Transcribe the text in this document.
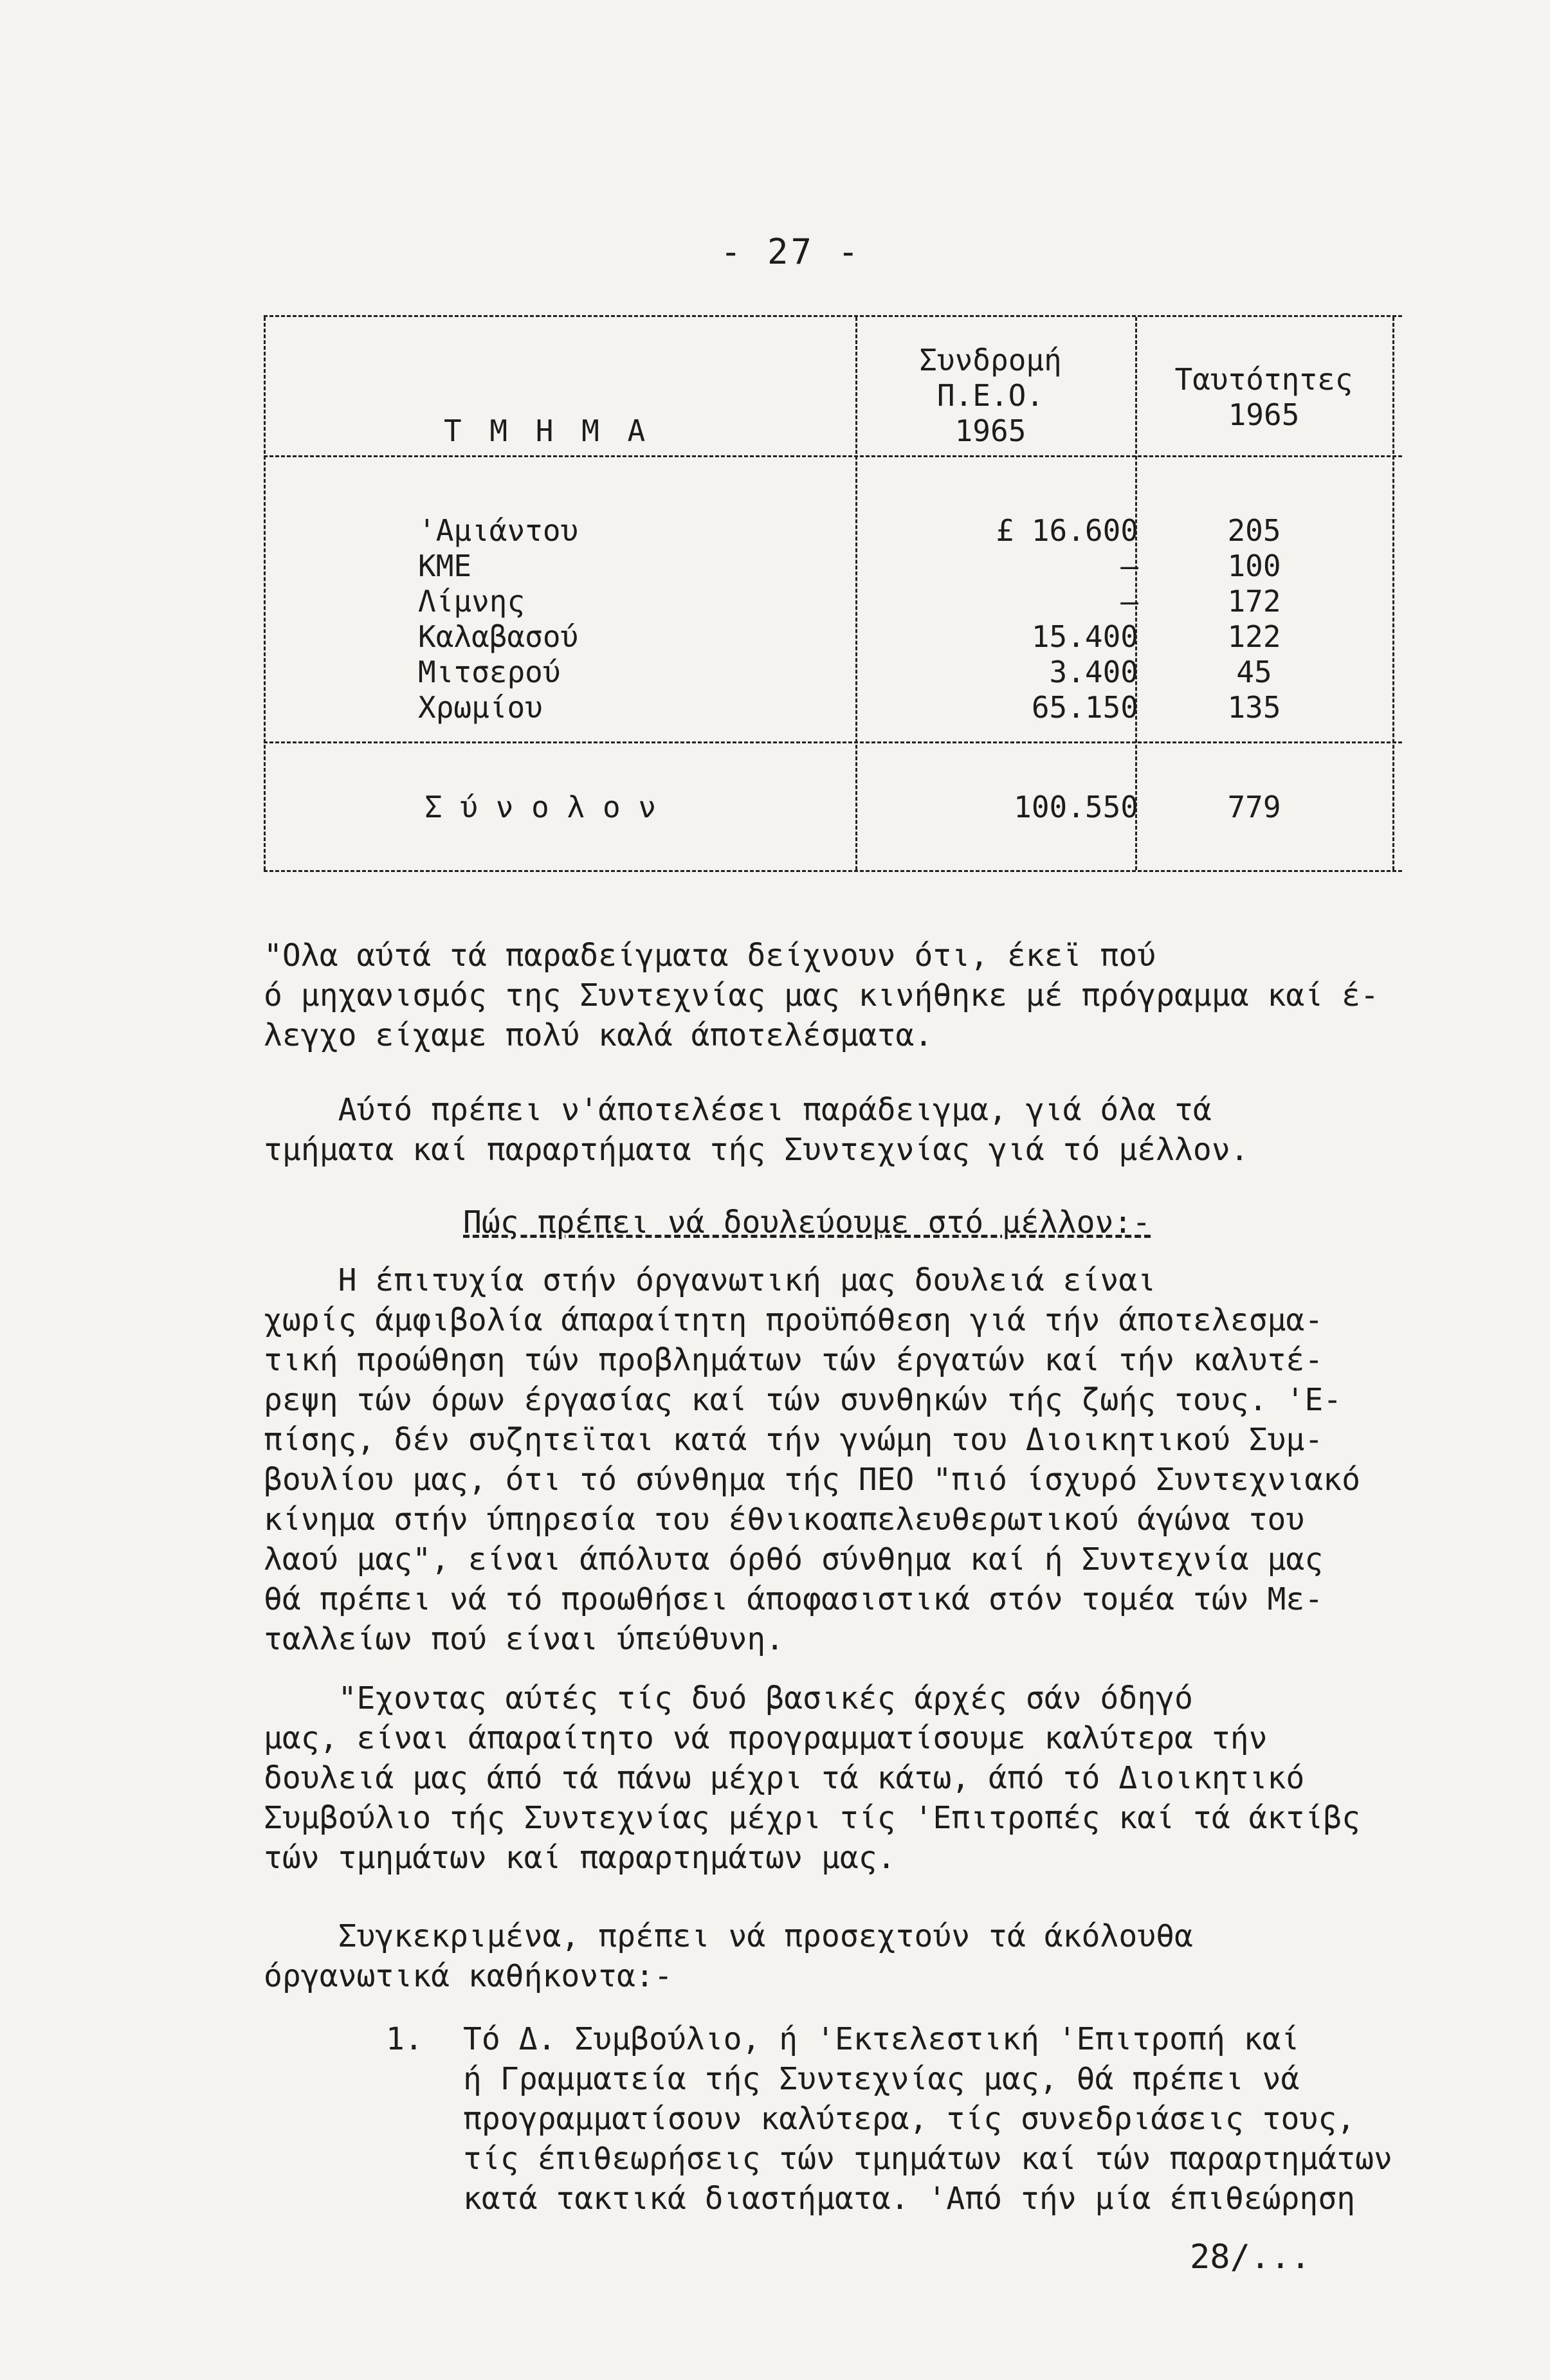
- 27 -
Τ Μ Η Μ Α
Συνδρομή
Π.Ε.Ο.
1965
Ταυτότητες
1965
'Αμιάντου	£ 16.600	205
ΚΜΕ	—	100
Λίμνης	—	172
Καλαβασού	15.400	122
Μιτσερού	3.400	45
Χρωμίου	65.150	135
Σ ύ ν ο λ ο ν	100.550	779
"Ολα αύτά τά παραδείγματα δείχνουν ότι, έκεϊ πού
ό μηχανισμός της Συντεχνίας μας κινήθηκε μέ πρόγραμμα καί έ-
λεγχο είχαμε πολύ καλά άποτελέσματα.
Αύτό πρέπει ν'άποτελέσει παράδειγμα, γιά όλα τά
τμήματα καί παραρτήματα τής Συντεχνίας γιά τό μέλλον.
Πώς πρέπει νά δουλεύουμε στό μέλλον:-
Η έπιτυχία στήν όργανωτική μας δουλειά είναι
χωρίς άμφιβολία άπαραίτητη προϋπόθεση γιά τήν άποτελεσμα-
τική προώθηση τών προβλημάτων τών έργατών καί τήν καλυτέ-
ρεψη τών όρων έργασίας καί τών συνθηκών τής ζωής τους. 'Ε-
πίσης, δέν συζητεϊται κατά τήν γνώμη του Διοικητικού Συμ-
βουλίου μας, ότι τό σύνθημα τής ΠΕΟ "πιό ίσχυρό Συντεχνιακό
κίνημα στήν ύπηρεσία του έθνικοαπελευθερωτικού άγώνα του
λαού μας", είναι άπόλυτα όρθό σύνθημα καί ή Συντεχνία μας
θά πρέπει νά τό προωθήσει άποφασιστικά στόν τομέα τών Με-
ταλλείων πού είναι ύπεύθυνη.
"Εχοντας αύτές τίς δυό βασικές άρχές σάν όδηγό
μας, είναι άπαραίτητο νά προγραμματίσουμε καλύτερα τήν
δουλειά μας άπό τά πάνω μέχρι τά κάτω, άπό τό Διοικητικό
Συμβούλιο τής Συντεχνίας μέχρι τίς 'Επιτροπές καί τά άκτίβς
τών τμημάτων καί παραρτημάτων μας.
Συγκεκριμένα, πρέπει νά προσεχτούν τά άκόλουθα
όργανωτικά καθήκοντα:-
1.	Τό Δ. Συμβούλιο, ή 'Εκτελεστική 'Επιτροπή καί
ή Γραμματεία τής Συντεχνίας μας, θά πρέπει νά
προγραμματίσουν καλύτερα, τίς συνεδριάσεις τους,
τίς έπιθεωρήσεις τών τμημάτων καί τών παραρτημάτων
κατά τακτικά διαστήματα. 'Από τήν μία έπιθεώρηση
28/...
